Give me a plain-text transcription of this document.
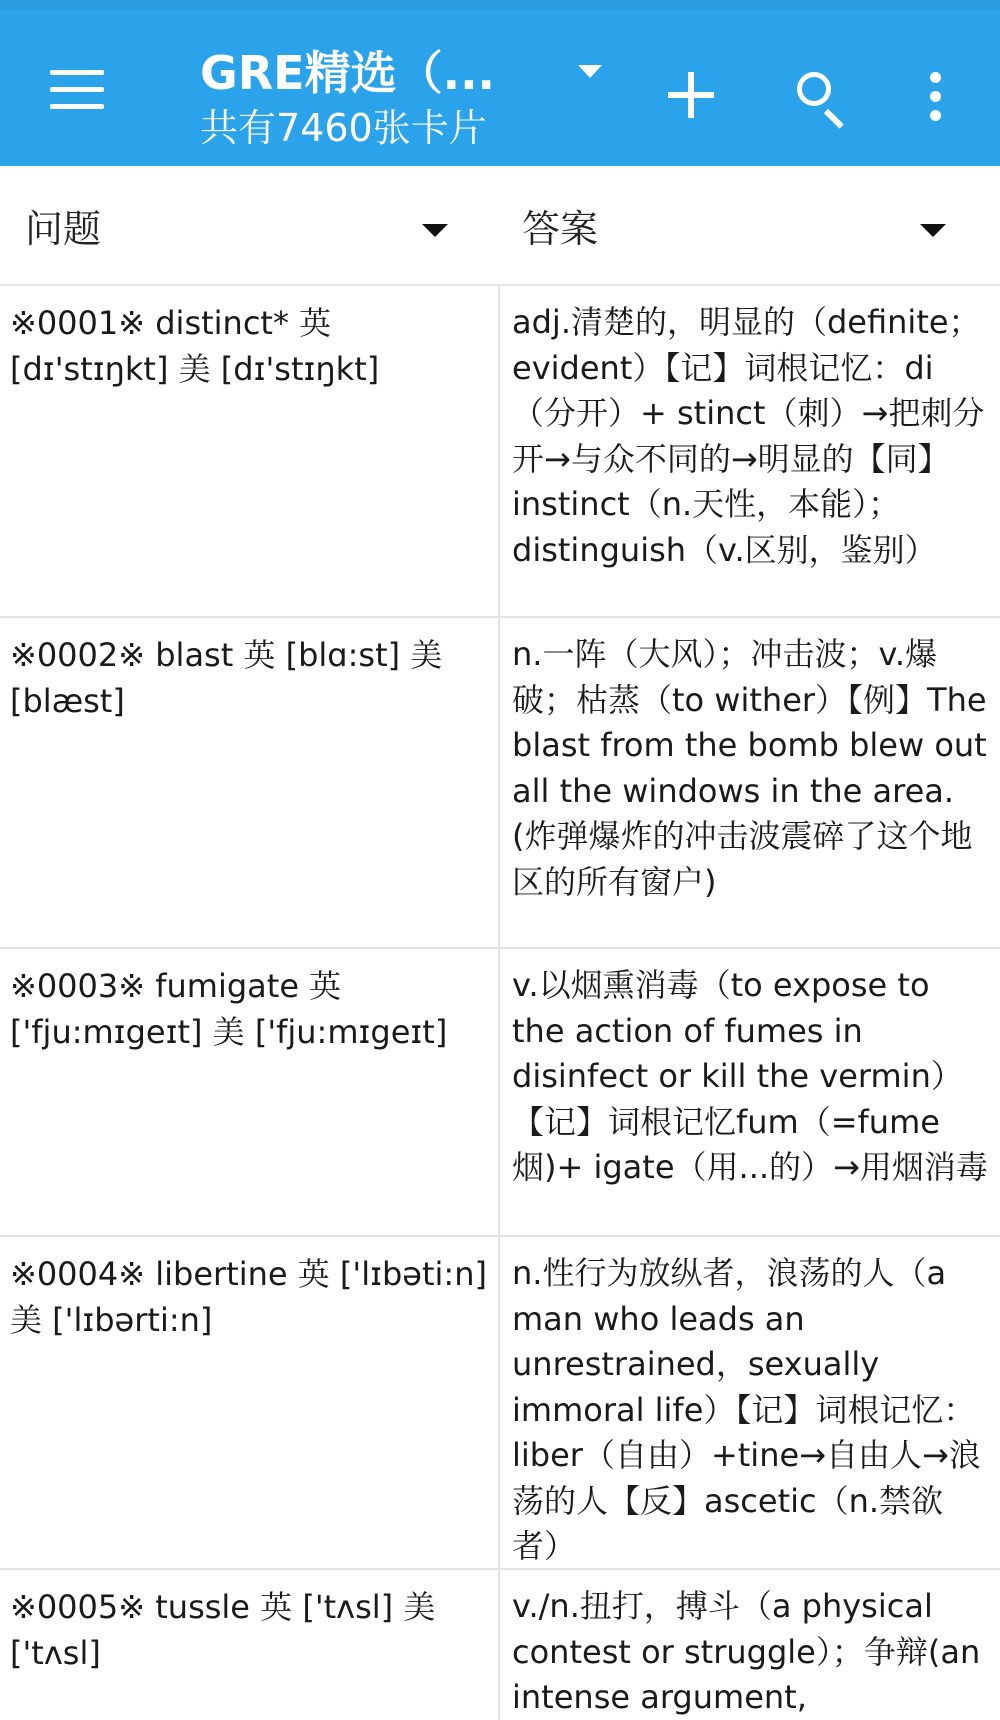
GRE精选（...
共有7460张卡片
问题	答案
※0001※ distinct* 英 [dɪ'stɪŋkt] 美 [dɪ'stɪŋkt]
adj.清楚的，明显的（definite；evident）【记】词根记忆：di（分开）+ stinct（刺）→把刺分开→与众不同的→明显的【同】instinct（n.天性，本能）；distinguish（v.区别，鉴别）
※0002※ blast 英 [blɑ:st] 美 [blæst]
n.一阵（大风）；冲击波；v.爆破；枯蒸（to wither）【例】The blast from the bomb blew out all the windows in the area.(炸弹爆炸的冲击波震碎了这个地区的所有窗户)
※0003※ fumigate 英 ['fju:mɪgeɪt] 美 ['fju:mɪgeɪt]
v.以烟熏消毒（to expose to the action of fumes in disinfect or kill the vermin）【记】词根记忆fum（=fume烟)+ igate（用...的）→用烟消毒
※0004※ libertine 英 ['lɪbəti:n] 美 ['lɪbərti:n]
n.性行为放纵者，浪荡的人（a man who leads an unrestrained，sexually immoral life）【记】词根记忆：liber（自由）+tine→自由人→浪荡的人【反】ascetic（n.禁欲者）
※0005※ tussle 英 ['tʌsl] 美 ['tʌsl]
v./n.扭打，搏斗（a physical contest or struggle）；争辩(an intense argument,
